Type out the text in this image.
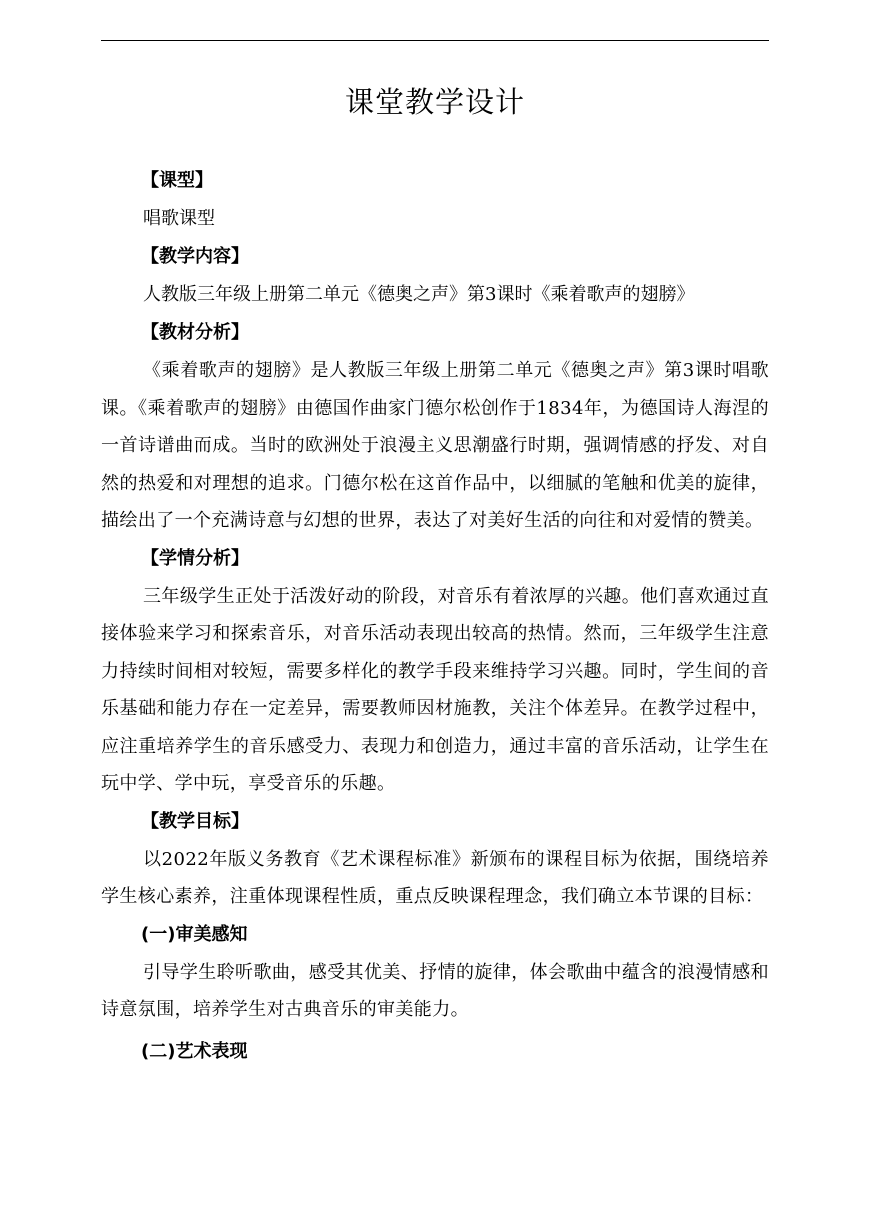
课堂教学设计
【课型】
唱歌课型
【教学内容】
人教版三年级上册第二单元《德奥之声》第3课时《乘着歌声的翅膀》
【教材分析】

《乘着歌声的翅膀》是人教版三年级上册第二单元《德奥之声》第3课时唱歌课。《乘着歌声的翅膀》由德国作曲家门德尔松创作于1834年，为德国诗人海涅的一首诗谱曲而成。当时的欧洲处于浪漫主义思潮盛行时期，强调情感的抒发、对自然的热爱和对理想的追求。门德尔松在这首作品中，以细腻的笔触和优美的旋律，描绘出了一个充满诗意与幻想的世界，表达了对美好生活的向往和对爱情的赞美。

【学情分析】

三年级学生正处于活泼好动的阶段，对音乐有着浓厚的兴趣。他们喜欢通过直接体验来学习和探索音乐，对音乐活动表现出较高的热情。然而，三年级学生注意力持续时间相对较短，需要多样化的教学手段来维持学习兴趣。同时，学生间的音乐基础和能力存在一定差异，需要教师因材施教，关注个体差异。在教学过程中，应注重培养学生的音乐感受力、表现力和创造力，通过丰富的音乐活动，让学生在玩中学、学中玩，享受音乐的乐趣。

【教学目标】

以2022年版义务教育《艺术课程标准》新颁布的课程目标为依据，围绕培养学生核心素养，注重体现课程性质，重点反映课程理念，我们确立本节课的目标：

(一)审美感知

引导学生聆听歌曲，感受其优美、抒情的旋律，体会歌曲中蕴含的浪漫情感和诗意氛围，培养学生对古典音乐的审美能力。

(二)艺术表现
